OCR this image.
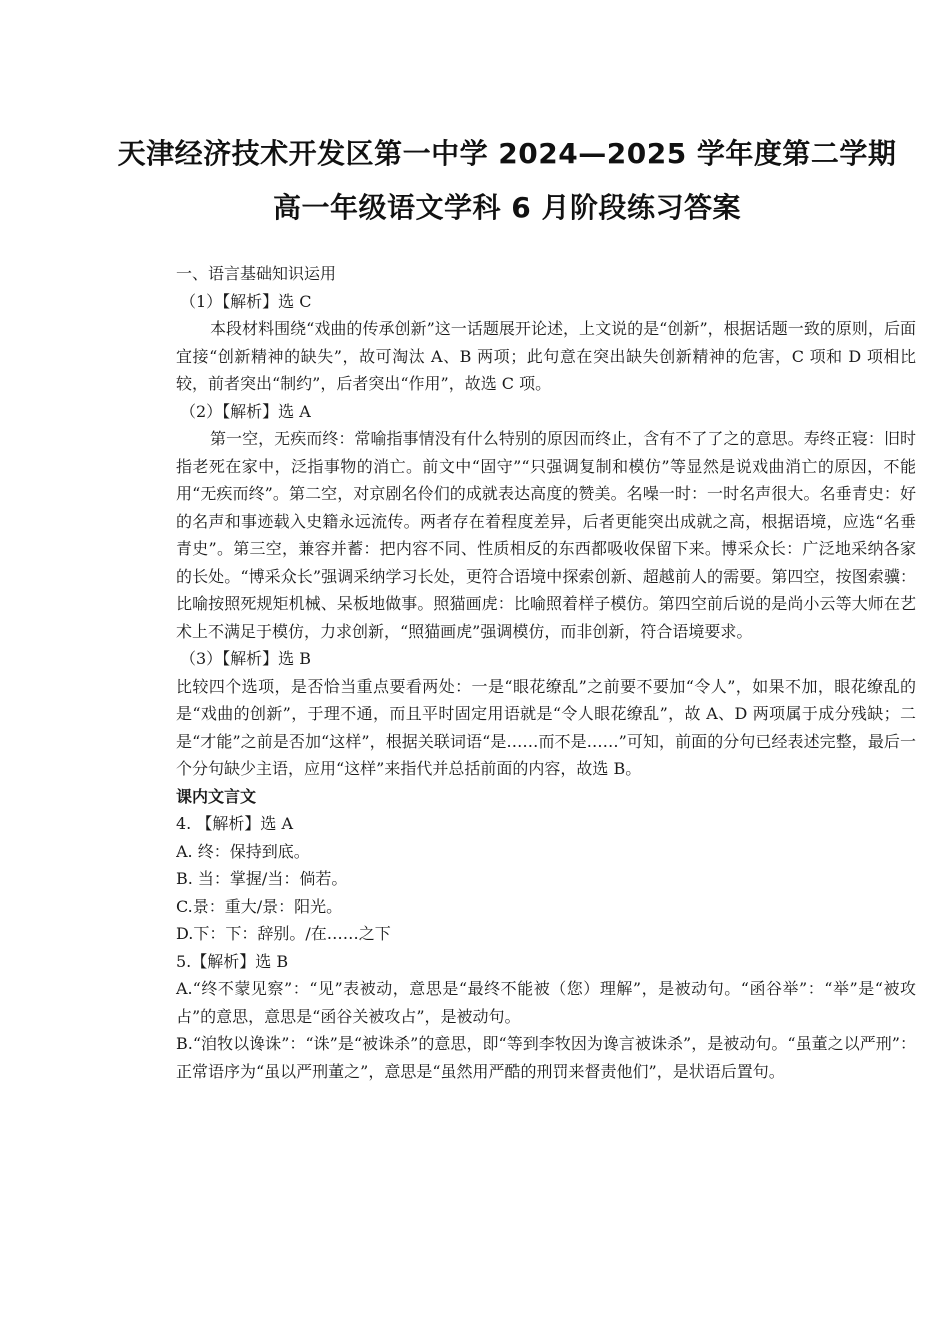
天津经济技术开发区第一中学 2024—2025 学年度第二学期
高一年级语文学科 6 月阶段练习答案

一、语言基础知识运用

（1）【解析】选 C

本段材料围绕“戏曲的传承创新”这一话题展开论述，上文说的是“创新”，根据话题一致的原则，后面宜接“创新精神的缺失”，故可淘汰 A、B 两项；此句意在突出缺失创新精神的危害，C 项和 D 项相比较，前者突出“制约”，后者突出“作用”，故选 C 项。

（2）【解析】选 A

第一空，无疾而终：常喻指事情没有什么特别的原因而终止，含有不了了之的意思。寿终正寝：旧时指老死在家中，泛指事物的消亡。前文中“固守”“只强调复制和模仿”等显然是说戏曲消亡的原因，不能用“无疾而终”。第二空，对京剧名伶们的成就表达高度的赞美。名噪一时：一时名声很大。名垂青史：好的名声和事迹载入史籍永远流传。两者存在着程度差异，后者更能突出成就之高，根据语境，应选“名垂青史”。第三空，兼容并蓄：把内容不同、性质相反的东西都吸收保留下来。博采众长：广泛地采纳各家的长处。“博采众长”强调采纳学习长处，更符合语境中探索创新、超越前人的需要。第四空，按图索骥：比喻按照死规矩机械、呆板地做事。照猫画虎：比喻照着样子模仿。第四空前后说的是尚小云等大师在艺术上不满足于模仿，力求创新，“照猫画虎”强调模仿，而非创新，符合语境要求。

（3）【解析】选 B

比较四个选项，是否恰当重点要看两处：一是“眼花缭乱”之前要不要加“令人”，如果不加，眼花缭乱的是“戏曲的创新”，于理不通，而且平时固定用语就是“令人眼花缭乱”，故 A、D 两项属于成分残缺；二是“才能”之前是否加“这样”，根据关联词语“是……而不是……”可知，前面的分句已经表述完整，最后一个分句缺少主语，应用“这样”来指代并总括前面的内容，故选 B。

课内文言文

4. 【解析】选 A

A. 终：保持到底。

B. 当：掌握/当：倘若。

C.景：重大/景：阳光。

D.下：下：辞别。/在……之下

5.【解析】选 B

A.“终不蒙见察”：“见”表被动，意思是“最终不能被（您）理解”，是被动句。“函谷举”：“举”是“被攻占”的意思，意思是“函谷关被攻占”，是被动句。

B.“洎牧以谗诛”：“诛”是“被诛杀”的意思，即“等到李牧因为谗言被诛杀”，是被动句。“虽董之以严刑”：正常语序为“虽以严刑董之”，意思是“虽然用严酷的刑罚来督责他们”，是状语后置句。
